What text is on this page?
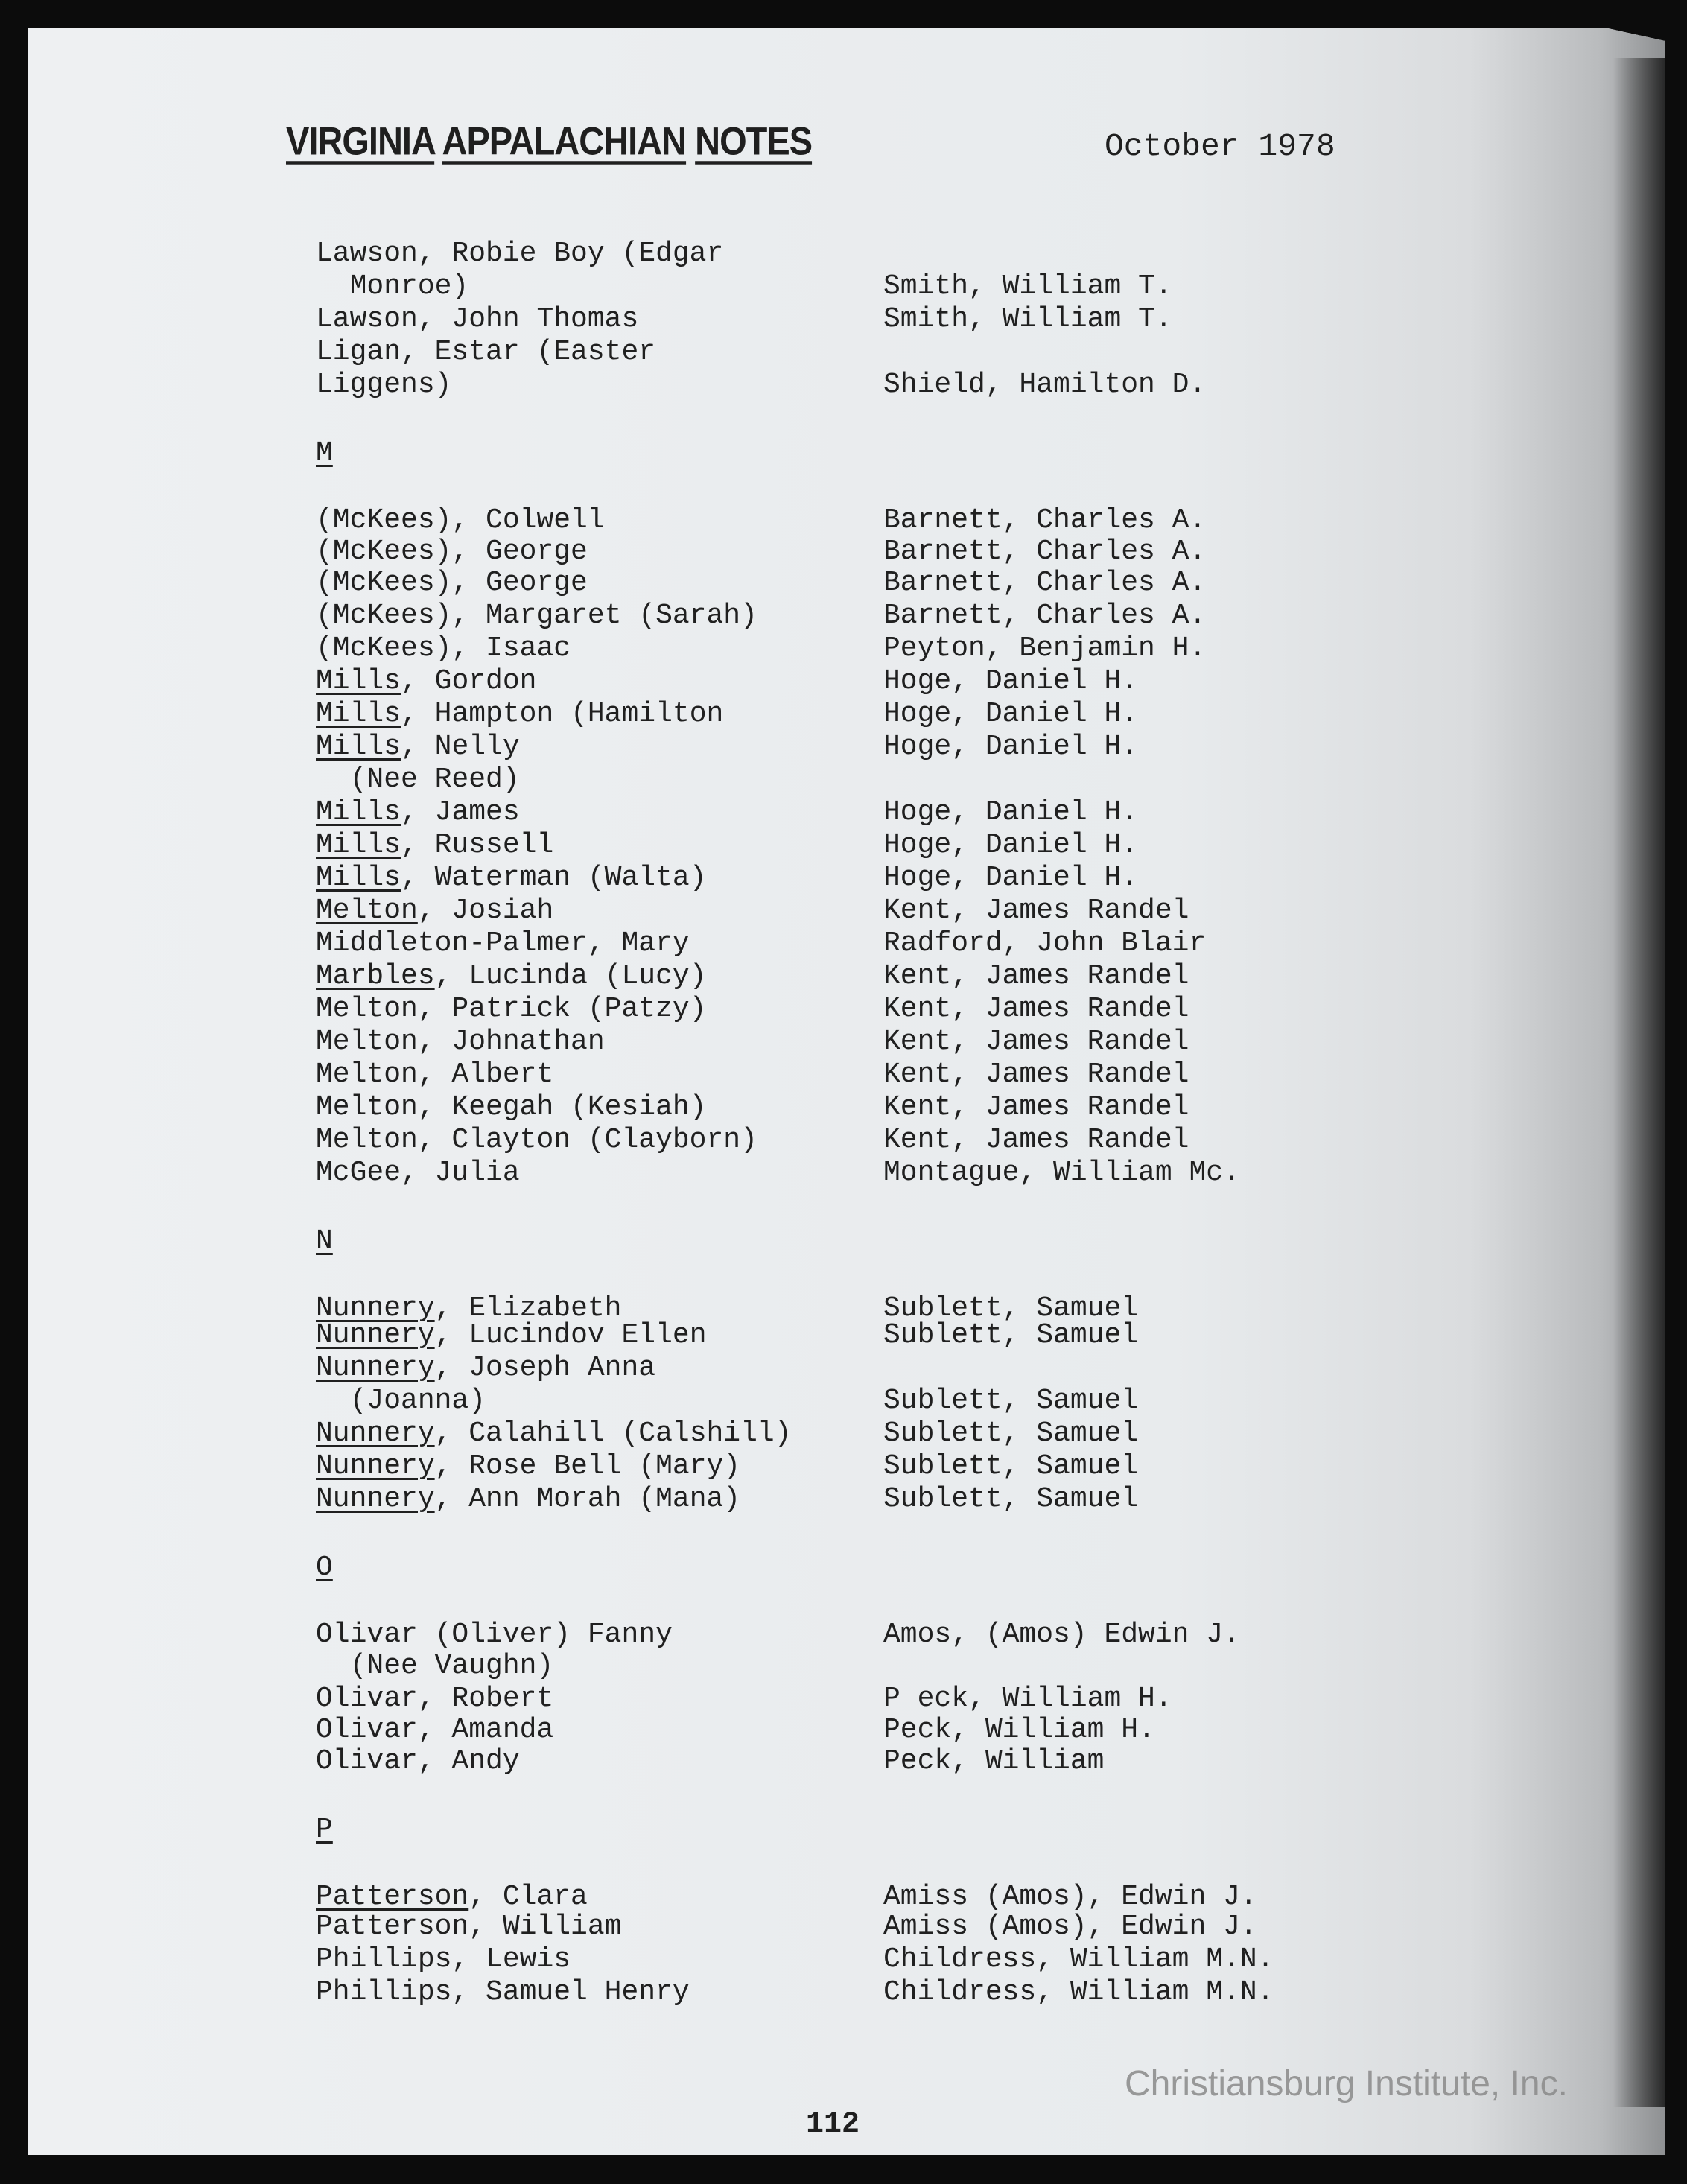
VIRGINIA APPALACHIAN NOTES	October 1978
Lawson, Robie Boy (Edgar
Monroe)	Smith, William T.
Lawson, John Thomas	Smith, William T.
Ligan, Estar (Easter
Liggens)	Shield, Hamilton D.
M
(McKees), Colwell	Barnett, Charles A.
(McKees), George	Barnett, Charles A.
(McKees), George	Barnett, Charles A.
(McKees), Margaret (Sarah)	Barnett, Charles A.
(McKees), Isaac	Peyton, Benjamin H.
Mills, Gordon	Hoge, Daniel H.
Mills, Hampton (Hamilton	Hoge, Daniel H.
Mills, Nelly	Hoge, Daniel H.
(Nee Reed)
Mills, James	Hoge, Daniel H.
Mills, Russell	Hoge, Daniel H.
Mills, Waterman (Walta)	Hoge, Daniel H.
Melton, Josiah	Kent, James Randel
Middleton-Palmer, Mary	Radford, John Blair
Marbles, Lucinda (Lucy)	Kent, James Randel
Melton, Patrick (Patzy)	Kent, James Randel
Melton, Johnathan	Kent, James Randel
Melton, Albert	Kent, James Randel
Melton, Keegah (Kesiah)	Kent, James Randel
Melton, Clayton (Clayborn)	Kent, James Randel
McGee, Julia	Montague, William Mc.
N
Nunnery, Elizabeth	Sublett, Samuel
Nunnery, Lucindov Ellen	Sublett, Samuel
Nunnery, Joseph Anna
(Joanna)	Sublett, Samuel
Nunnery, Calahill (Calshill)	Sublett, Samuel
Nunnery, Rose Bell (Mary)	Sublett, Samuel
Nunnery, Ann Morah (Mana)	Sublett, Samuel
O
Olivar (Oliver) Fanny	Amos, (Amos) Edwin J.
(Nee Vaughn)
Olivar, Robert	P eck, William H.
Olivar, Amanda	Peck, William H.
Olivar, Andy	Peck, William
P
Patterson, Clara	Amiss (Amos), Edwin J.
Patterson, William	Amiss (Amos), Edwin J.
Phillips, Lewis	Childress, William M.N.
Phillips, Samuel Henry	Childress, William M.N.
112
Christiansburg Institute, Inc.
